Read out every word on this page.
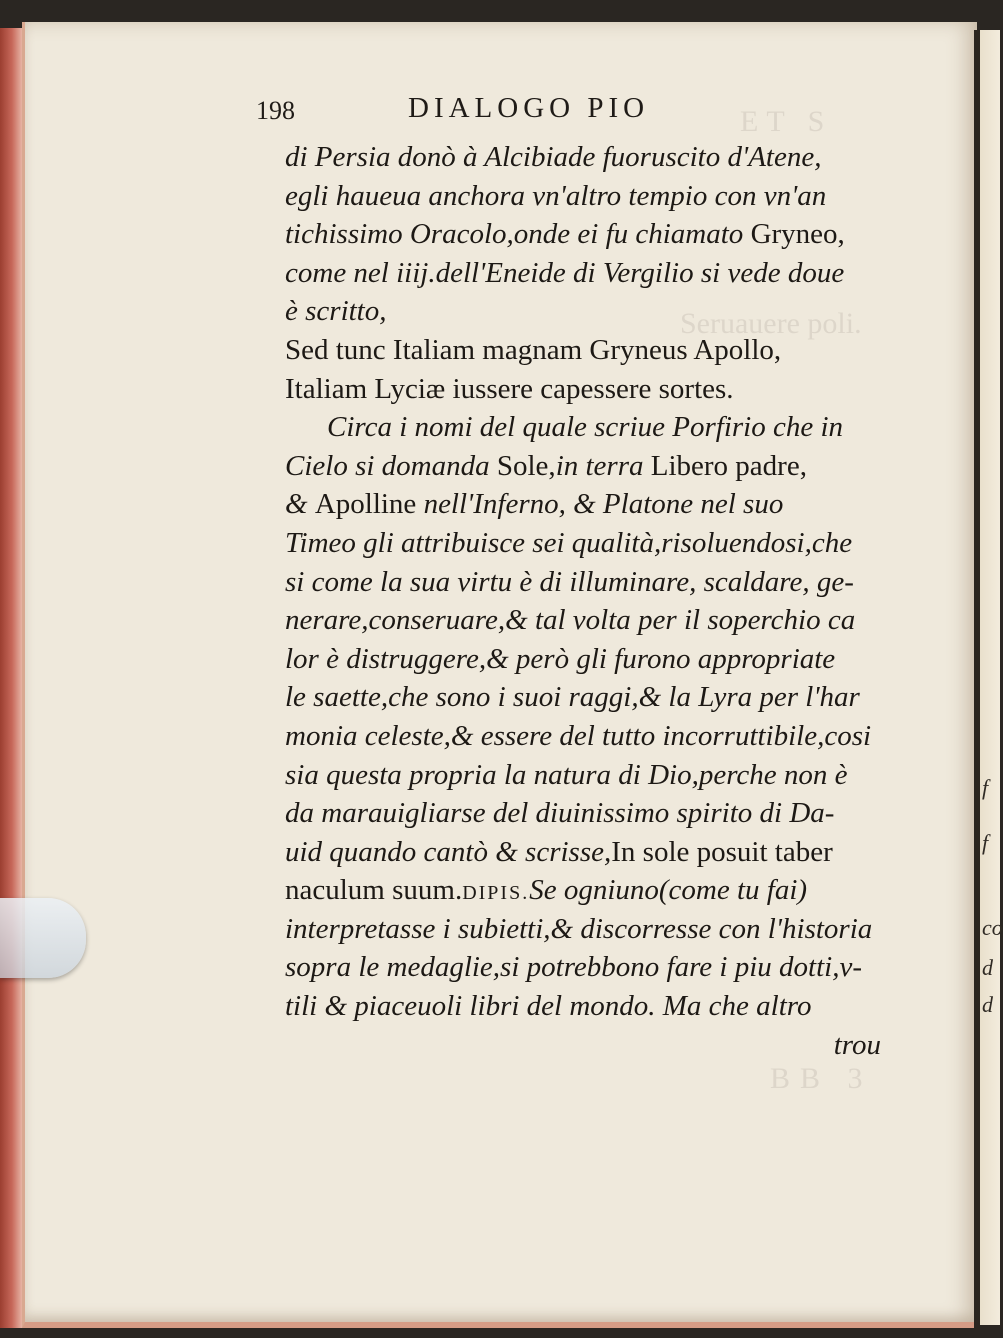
f
f
co
d
d
198	DIALOGO PIO
di Persia donò à Alcibiade fuoruscito d'Atene,
egli haueua anchora vn'altro tempio con vn'an
tichissimo Oracolo,onde ei fu chiamato Gryneo,
come nel iiij.dell'Eneide di Vergilio si vede doue
è scritto,
Sed tunc Italiam magnam Gryneus Apollo,
Italiam Lyciæ iussere capessere sortes.
Circa i nomi del quale scriue Porfirio che in
Cielo si domanda Sole,in terra Libero padre,
& Apolline nell'Inferno, & Platone nel suo
Timeo gli attribuisce sei qualità,risoluendosi,che
si come la sua virtu è di illuminare, scaldare, ge-
nerare,conseruare,& tal volta per il soperchio ca
lor è distruggere,& però gli furono appropriate
le saette,che sono i suoi raggi,& la Lyra per l'har
monia celeste,& essere del tutto incorruttibile,cosi
sia questa propria la natura di Dio,perche non è
da marauigliarse del diuinissimo spirito di Da-
uid quando cantò & scrisse,In sole posuit taber
naculum suum.DIPIS.Se ogniuno(come tu fai)
interpretasse i subietti,& discorresse con l'historia
sopra le medaglie,si potrebbono fare i piu dotti,v-
tili & piaceuoli libri del mondo. Ma che altro
trou
